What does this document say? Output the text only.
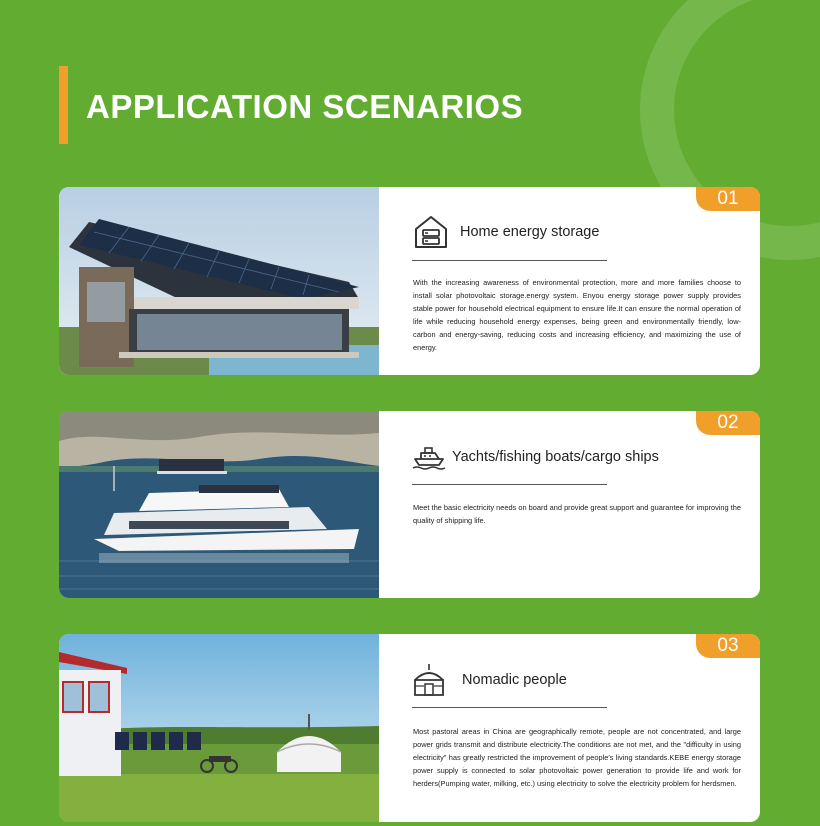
APPLICATION SCENARIOS
01
Home energy storage

With the increasing awareness of environmental protection, more and more families choose to install solar photovoltaic storage.energy system. Enyou energy storage power supply provides stable power for household electrical equipment to ensure life.It can ensure the normal operation of life while reducing household energy expenses, being green and environmentally friendly, low-carbon and energy-saving, reducing costs and increasing efficiency, and maximizing the use of energy.

02
Yachts/fishing boats/cargo ships

Meet the basic electricity needs on board and provide great support and guarantee for improving the quality of shipping life.

03
Nomadic people

Most pastoral areas in China are geographically remote, people are not concentrated, and large power grids transmit and distribute electricity.The conditions are not met, and the "difficulty in using electricity" has greatly restricted the improvement of people's living standards.KEBE energy storage power supply is connected to solar photovoltaic power generation to provide life and work for herders(Pumping water, milking, etc.) using electricity to solve the electricity problem for herdsmen.
